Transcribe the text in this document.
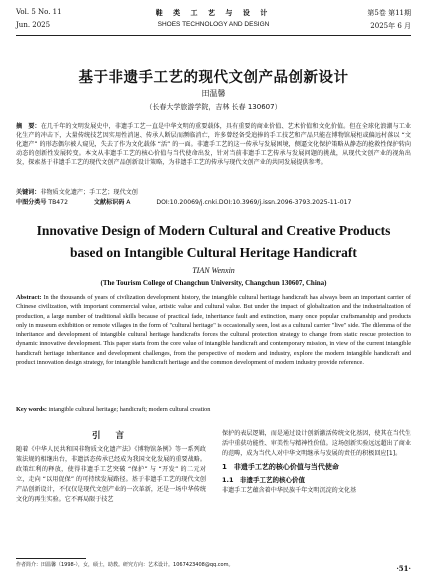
Vol. 5 No. 11
Jun. 2025
鞋 类 工 艺 与 设 计
SHOES TECHNOLOGY AND DESIGN
第5卷 第11期
2025年 6 月
基于非遗手工艺的现代文创产品创新设计
田温馨
（长春大学旅游学院，吉林 长春 130607）
摘　要：在几千年的文明发展史中，非遗手工艺一直是中华文明的重要载体，具有重要的商业价值、艺术价值和文化价值。但在全球化浪潮与工业化生产的冲击下，大量传统技艺因实用性消退、传承人断层而濒临消亡，许多曾经备受追捧的手工技艺和产品只能在博物馆展柜或偏远村落以 “文化遗产” 的形态偶尔被人窥见，失去了作为文化载体 “活” 的一面。非遗手工艺的这一传承与发展困境，侧逼文化保护策略从静态的抢救性保护转向动态的创新性发展转变。本文从非遗手工艺的核心价值与当代使命出发，针对当前非遗手工艺传承与发展问题的挑战，从现代文创产业的视角出发，探索基于非遗手工艺的现代文创产品创新设计策略，为非遗手工艺的传承与现代文创产业的共同发展提供参考。
关键词：非物质文化遗产；手工艺；现代文创
中图分类号 TB472	文献标识码 A	DOI:10.20069/j.cnki.DOI:10.3969/j.issn.2096-3793.2025-11-017
Innovative Design of Modern Cultural and Creative Products based on Intangible Cultural Heritage Handicraft
TIAN Wenxin
(The Tourism College of Changchun University, Changchun 130607, China)
Abstract: In the thousands of years of civilization development history, the intangible cultural heritage handicraft has always been an important carrier of Chinese civilization, with important commercial value, artistic value and cultural value. But under the impact of globalization and the industrialization of production, a large number of traditional skills because of practical fade, inheritance fault and extinction, many once popular craftsmanship and products only in museum exhibition or remote villages in the form of "cultural heritage" is occasionally seen, lost as a cultural carrier "live" side. The dilemma of the inheritance and development of intangible cultural heritage handicrafts forces the cultural protection strategy to change from static rescue protection to dynamic innovative development. This paper starts from the core value of intangible handicraft and contemporary mission, in view of the current intangible handicraft heritage inheritance and development challenges, from the perspective of modern and industry, explore the modern intangible handicraft and product innovation design strategy, for intangible handicraft heritage and the common development of modern industry provide reference.
Key words: intangible cultural heritage; handicraft; modern cultural creation
引 言
随着《中华人民共和国非物质文化遗产法》《博物馆条例》等一系列政策法规的相继出台，非遗活态传承已经成为我国文化发展的重要战略。政策红利的释放，使得非遗手工艺突破 “保护” 与 “开发” 的二元对立，走向 “以用促保” 的可持续发展路径。基于非遗手工艺的现代文创产品创新设计，不仅仅是现代文创产业的一次革新，还是一场中华传统文化的再生实验。它不再局限于技艺
保护的表层逻辑，而是通过设计创新激活传统文化基因，使其在当代生活中重获功能性、审美性与精神性价值。这场创新实验远远超出了商业的范畴，成为当代人对中华文明继承与发展的责任的积极回应[1]。
1　非遗手工艺的核心价值与当代使命
1.1　非遗手工艺的核心价值
非遗手工艺蕴含着中华民族千年文明沉淀的文化基
作者简介：田温馨（1998-），女，硕士，助教。研究方向：艺术设计。1067423408@qq.com。	·51·
